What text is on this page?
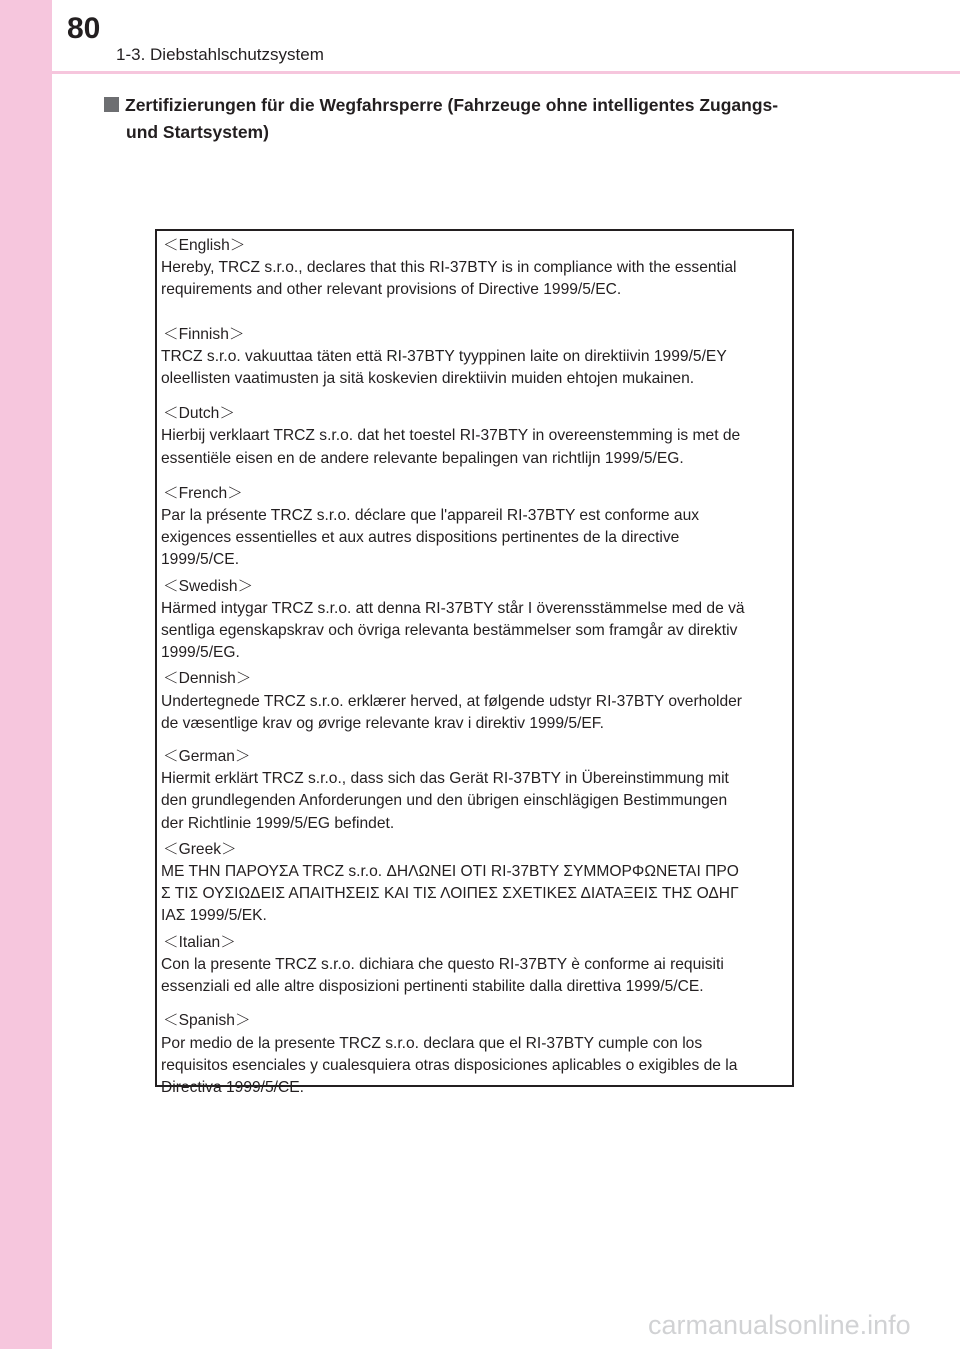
80
1-3. Diebstahlschutzsystem
Zertifizierungen für die Wegfahrsperre (Fahrzeuge ohne intelligentes Zugangs-
und Startsystem)
＜English＞
Hereby, TRCZ s.r.o., declares that this RI-37BTY is in compliance with the essential
requirements and other relevant provisions of Directive 1999/5/EC.
＜Finnish＞
TRCZ s.r.o. vakuuttaa täten että RI-37BTY tyyppinen laite on direktiivin 1999/5/EY
oleellisten vaatimusten ja sitä koskevien direktiivin muiden ehtojen mukainen.
＜Dutch＞
Hierbij verklaart TRCZ s.r.o. dat het toestel RI-37BTY in overeenstemming is met de
essentiële eisen en de andere relevante bepalingen van richtlijn 1999/5/EG.
＜French＞
Par la présente TRCZ s.r.o. déclare que l'appareil RI-37BTY est conforme aux
exigences essentielles et aux autres dispositions pertinentes de la directive
1999/5/CE.
＜Swedish＞
Härmed intygar TRCZ s.r.o. att denna RI-37BTY står I överensstämmelse med de vä
sentliga egenskapskrav och övriga relevanta bestämmelser som framgår av direktiv
1999/5/EG.
＜Dennish＞
Undertegnede TRCZ s.r.o. erklærer herved, at følgende udstyr RI-37BTY overholder
de væsentlige krav og øvrige relevante krav i direktiv 1999/5/EF.
＜German＞
Hiermit erklärt TRCZ s.r.o., dass sich das Gerät RI-37BTY in Übereinstimmung mit
den grundlegenden Anforderungen und den übrigen einschlägigen Bestimmungen
der Richtlinie 1999/5/EG befindet.
＜Greek＞
ΜΕ ΤΗΝ ΠΑΡΟΥΣΑ TRCZ s.r.o. ΔΗΛΩΝΕΙ ΟΤΙ RI-37BTY ΣΥΜΜΟΡΦΩΝΕΤΑΙ ΠΡΟ
Σ ΤΙΣ ΟΥΣΙΩΔΕΙΣ ΑΠΑΙΤΗΣΕΙΣ ΚΑΙ ΤΙΣ ΛΟΙΠΕΣ ΣΧΕΤΙΚΕΣ ΔΙΑΤΑΞΕΙΣ ΤΗΣ ΟΔΗΓ
ΙΑΣ 1999/5/ΕΚ.
＜Italian＞
Con la presente TRCZ s.r.o. dichiara che questo RI-37BTY è conforme ai requisiti
essenziali ed alle altre disposizioni pertinenti stabilite dalla direttiva 1999/5/CE.
＜Spanish＞
Por medio de la presente TRCZ s.r.o. declara que el RI-37BTY cumple con los
requisitos esenciales y cualesquiera otras disposiciones aplicables o exigibles de la
Directiva 1999/5/CE.
carmanualsonline.info
